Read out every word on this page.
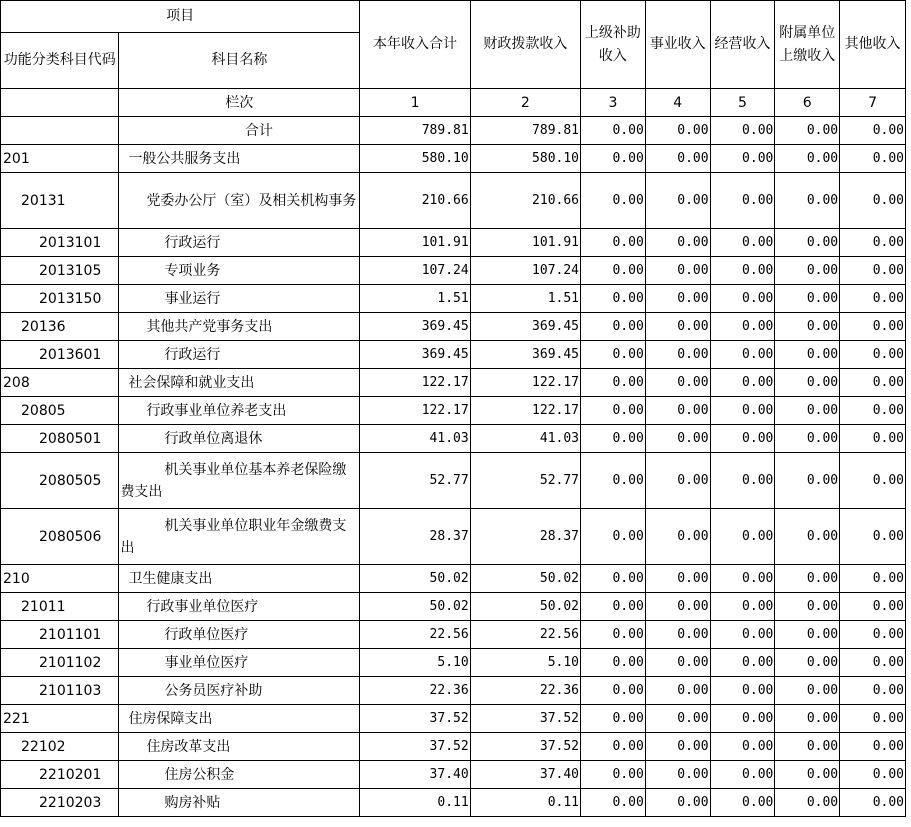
项目		本年收入合计	财政拨款收入	上级补助收入	事业收入	经营收入	附属单位上缴收入	其他收入
功能分类科目代码	科目名称							
	栏次	1	2	3	4	5	6	7
	合计	789.81	789.81	0.00	0.00	0.00	0.00	0.00
201	一般公共服务支出	580.10	580.10	0.00	0.00	0.00	0.00	0.00
20131	党委办公厅（室）及相关机构事务	210.66	210.66	0.00	0.00	0.00	0.00	0.00
2013101	行政运行	101.91	101.91	0.00	0.00	0.00	0.00	0.00
2013105	专项业务	107.24	107.24	0.00	0.00	0.00	0.00	0.00
2013150	事业运行	1.51	1.51	0.00	0.00	0.00	0.00	0.00
20136	其他共产党事务支出	369.45	369.45	0.00	0.00	0.00	0.00	0.00
2013601	行政运行	369.45	369.45	0.00	0.00	0.00	0.00	0.00
208	社会保障和就业支出	122.17	122.17	0.00	0.00	0.00	0.00	0.00
20805	行政事业单位养老支出	122.17	122.17	0.00	0.00	0.00	0.00	0.00
2080501	行政单位离退休	41.03	41.03	0.00	0.00	0.00	0.00	0.00
2080505	机关事业单位基本养老保险缴费支出	52.77	52.77	0.00	0.00	0.00	0.00	0.00
2080506	机关事业单位职业年金缴费支出	28.37	28.37	0.00	0.00	0.00	0.00	0.00
210	卫生健康支出	50.02	50.02	0.00	0.00	0.00	0.00	0.00
21011	行政事业单位医疗	50.02	50.02	0.00	0.00	0.00	0.00	0.00
2101101	行政单位医疗	22.56	22.56	0.00	0.00	0.00	0.00	0.00
2101102	事业单位医疗	5.10	5.10	0.00	0.00	0.00	0.00	0.00
2101103	公务员医疗补助	22.36	22.36	0.00	0.00	0.00	0.00	0.00
221	住房保障支出	37.52	37.52	0.00	0.00	0.00	0.00	0.00
22102	住房改革支出	37.52	37.52	0.00	0.00	0.00	0.00	0.00
2210201	住房公积金	37.40	37.40	0.00	0.00	0.00	0.00	0.00
2210203	购房补贴	0.11	0.11	0.00	0.00	0.00	0.00	0.00
